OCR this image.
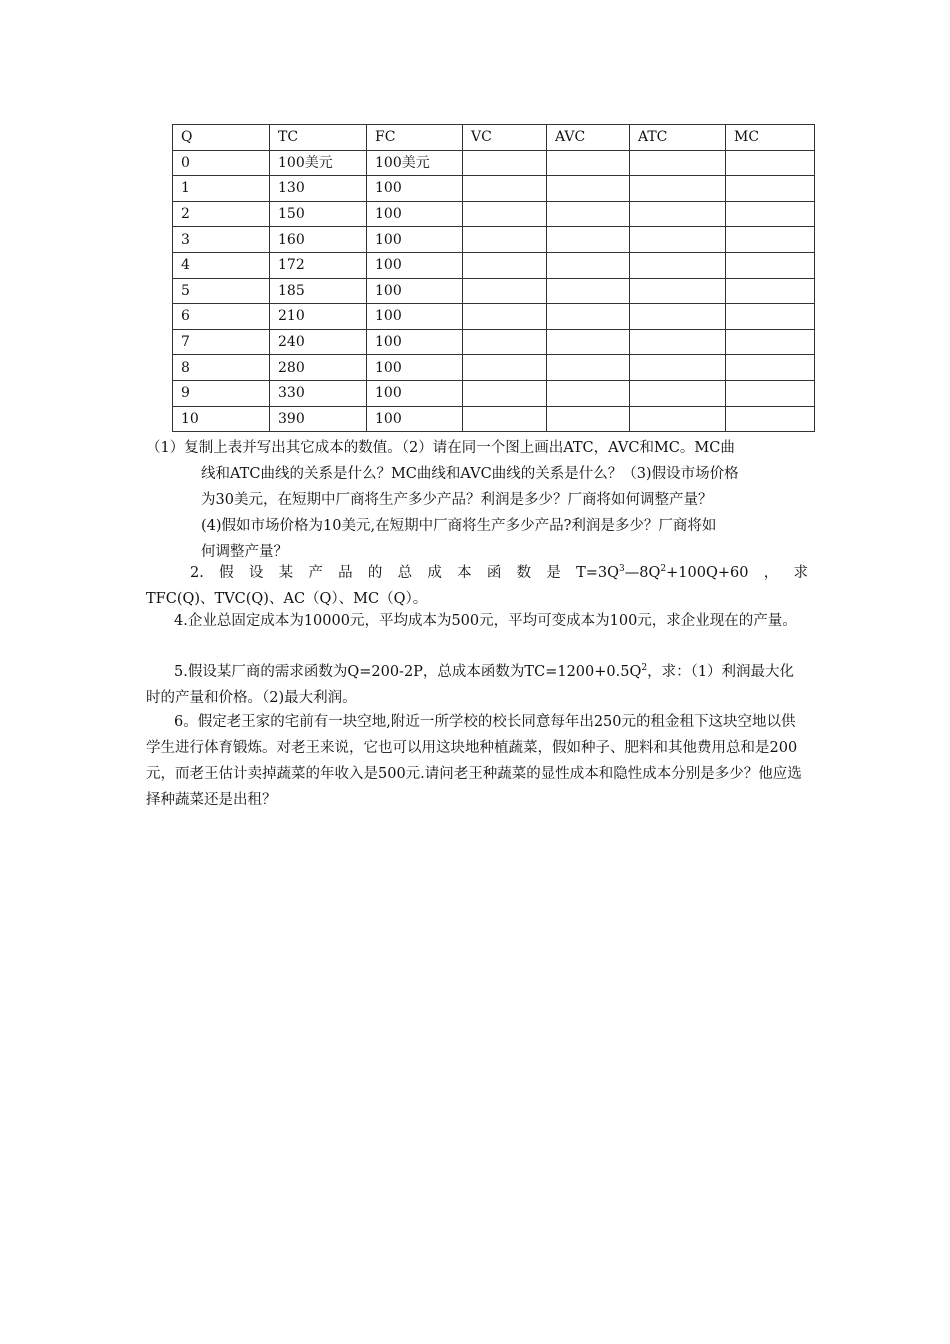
Q	TC	FC	VC	AVC	ATC	MC
0	100美元	100美元				
1	130	100				
2	150	100				
3	160	100				
4	172	100				
5	185	100				
6	210	100				
7	240	100				
8	280	100				
9	330	100				
10	390	100				
（1）复制上表并写出其它成本的数值。（2）请在同一个图上画出ATC，AVC和MC。MC曲
线和ATC曲线的关系是什么？MC曲线和AVC曲线的关系是什么？（3)假设市场价格
为30美元，在短期中厂商将生产多少产品？利润是多少？厂商将如何调整产量？
(4)假如市场价格为10美元,在短期中厂商将生产多少产品?利润是多少？厂商将如
何调整产量？
2. 假 设 某 产 品 的 总 成 本 函 数 是 $T=3Q^3—8Q^2+100Q+60$ ， 求
TFC(Q)、TVC(Q)、AC（Q）、MC（Q）。
4.企业总固定成本为10000元，平均成本为500元，平均可变成本为100元，求企业现在的产量。
5.假设某厂商的需求函数为Q=200-2P，总成本函数为$TC=1200+0.5Q^2$，求：（1）利润最大化时的产量和价格。（2)最大利润。
6。假定老王家的宅前有一块空地,附近一所学校的校长同意每年出250元的租金租下这块空地以供学生进行体育锻炼。对老王来说，它也可以用这块地种植蔬菜，假如种子、肥料和其他费用总和是200元，而老王估计卖掉蔬菜的年收入是500元.请问老王种蔬菜的显性成本和隐性成本分别是多少？他应选择种蔬菜还是出租？
